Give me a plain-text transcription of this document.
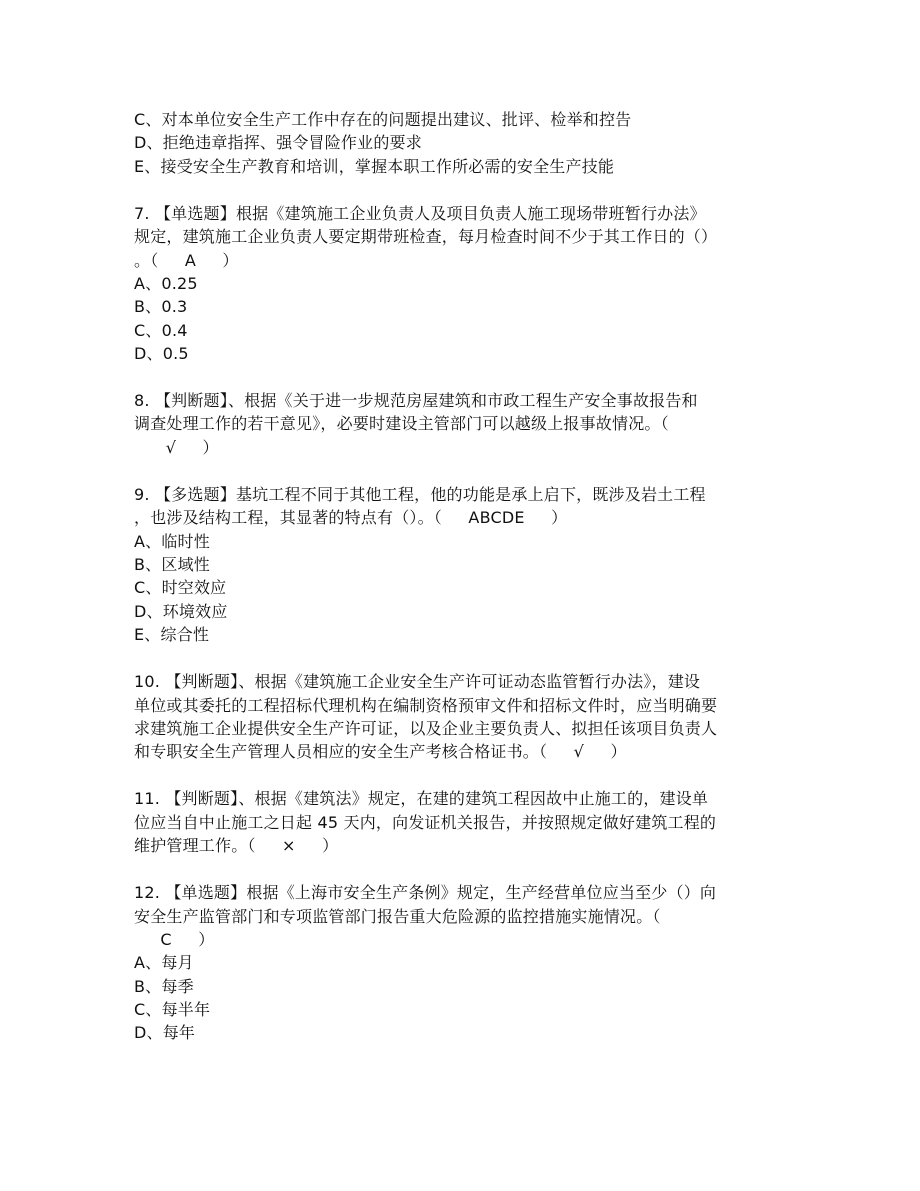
C、对本单位安全生产工作中存在的问题提出建议、批评、检举和控告
D、拒绝违章指挥、强令冒险作业的要求
E、接受安全生产教育和培训，掌握本职工作所必需的安全生产技能
7. 【单选题】根据《建筑施工企业负责人及项目负责人施工现场带班暂行办法》
规定，建筑施工企业负责人要定期带班检查，每月检查时间不少于其工作日的（）
。（     A     ）
A、0.25
B、0.3
C、0.4
D、0.5
8. 【判断题】、根据《关于进一步规范房屋建筑和市政工程生产安全事故报告和
调查处理工作的若干意见》，必要时建设主管部门可以越级上报事故情况。（
√     ）
9. 【多选题】基坑工程不同于其他工程，他的功能是承上启下，既涉及岩土工程
，也涉及结构工程，其显著的特点有（）。（     ABCDE     ）
A、临时性
B、区域性
C、时空效应
D、环境效应
E、综合性
10. 【判断题】、根据《建筑施工企业安全生产许可证动态监管暂行办法》，建设
单位或其委托的工程招标代理机构在编制资格预审文件和招标文件时，应当明确要
求建筑施工企业提供安全生产许可证，以及企业主要负责人、拟担任该项目负责人
和专职安全生产管理人员相应的安全生产考核合格证书。（     √     ）
11. 【判断题】、根据《建筑法》规定，在建的建筑工程因故中止施工的，建设单
位应当自中止施工之日起 45 天内，向发证机关报告，并按照规定做好建筑工程的
维护管理工作。（     ×     ）
12. 【单选题】根据《上海市安全生产条例》规定，生产经营单位应当至少（）向
安全生产监管部门和专项监管部门报告重大危险源的监控措施实施情况。（
C     ）
A、每月
B、每季
C、每半年
D、每年
